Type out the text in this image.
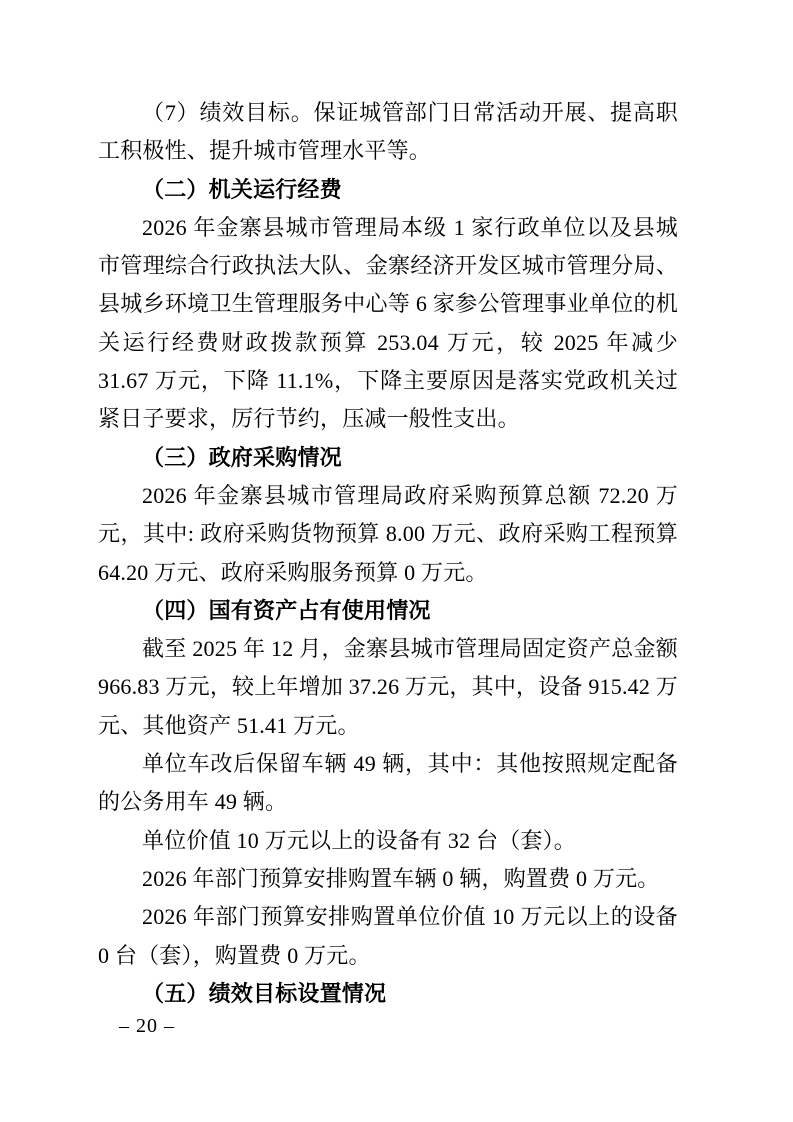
（7）绩效目标。保证城管部门日常活动开展、提高职工积极性、提升城市管理水平等。

（二）机关运行经费

2026 年金寨县城市管理局本级 1 家行政单位以及县城市管理综合行政执法大队、金寨经济开发区城市管理分局、县城乡环境卫生管理服务中心等 6 家参公管理事业单位的机关运行经费财政拨款预算 253.04 万元，较 2025 年减少 31.67 万元，下降 11.1%，下降主要原因是落实党政机关过紧日子要求，厉行节约，压减一般性支出。

（三）政府采购情况

2026 年金寨县城市管理局政府采购预算总额 72.20 万元，其中: 政府采购货物预算 8.00 万元、政府采购工程预算 64.20 万元、政府采购服务预算 0 万元。

（四）国有资产占有使用情况

截至 2025 年 12 月，金寨县城市管理局固定资产总金额 966.83 万元，较上年增加 37.26 万元，其中，设备 915.42 万元、其他资产 51.41 万元。

单位车改后保留车辆 49 辆，其中：其他按照规定配备的公务用车 49 辆。

单位价值 10 万元以上的设备有 32 台（套）。

2026 年部门预算安排购置车辆 0 辆，购置费 0 万元。

2026 年部门预算安排购置单位价值 10 万元以上的设备 0 台（套），购置费 0 万元。

（五）绩效目标设置情况

– 20 –
